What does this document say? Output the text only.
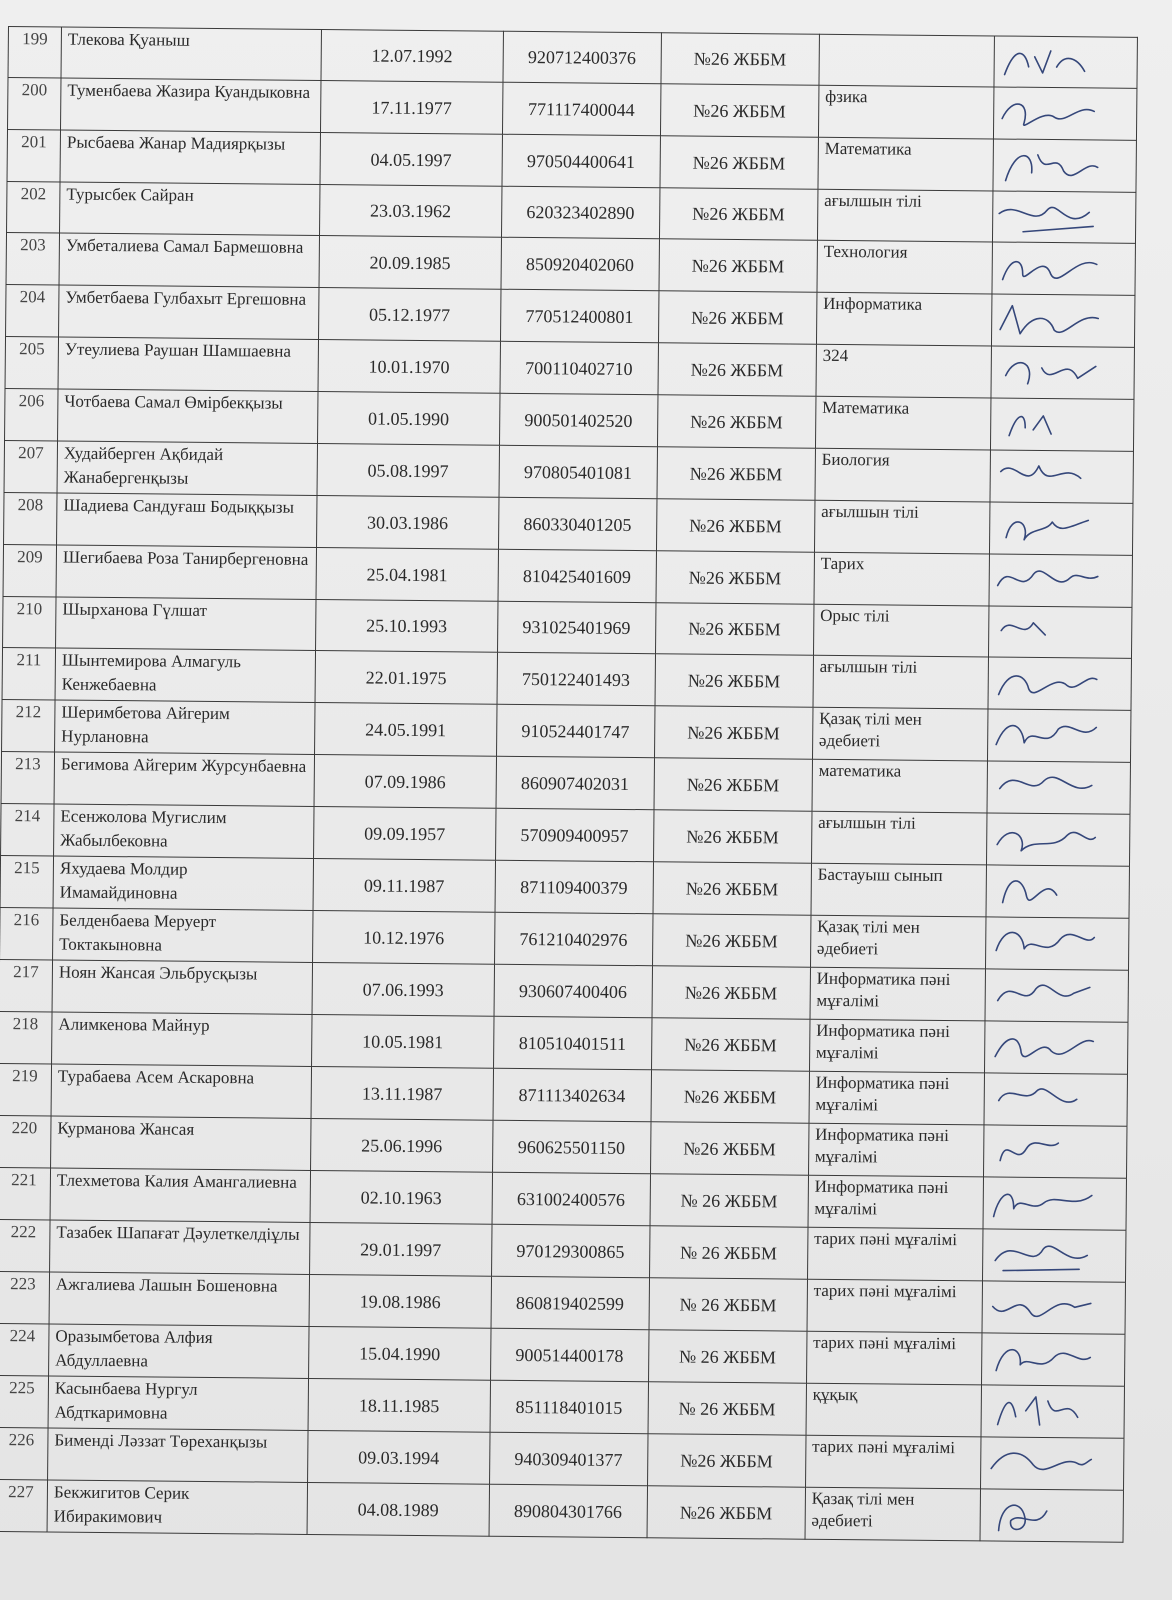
199	Тлекова Қуаныш	12.07.1992	920712400376	№26 ЖББМ		

200	Туменбаева Жазира Куандыковна	17.11.1977	771117400044	№26 ЖББМ	фзика	

201	Рысбаева Жанар Мадиярқызы	04.05.1997	970504400641	№26 ЖББМ	Математика	

202	Турысбек Сайран	23.03.1962	620323402890	№26 ЖББМ	ағылшын тілі	

203	Умбеталиева Самал Бармешовна	20.09.1985	850920402060	№26 ЖББМ	Технология	

204	Умбетбаева Гулбахыт Ергешовна	05.12.1977	770512400801	№26 ЖББМ	Информатика	

205	Утеулиева Раушан Шамшаевна	10.01.1970	700110402710	№26 ЖББМ	324	

206	Чотбаева Самал Өмірбекқызы	01.05.1990	900501402520	№26 ЖББМ	Математика	

207	Худайберген Ақбидай Жанабергенқызы	05.08.1997	970805401081	№26 ЖББМ	Биология	

208	Шадиева Сандуғаш Бодыққызы	30.03.1986	860330401205	№26 ЖББМ	ағылшын тілі	

209	Шегибаева Роза Танирбергеновна	25.04.1981	810425401609	№26 ЖББМ	Тарих	

210	Шырханова Гүлшат	25.10.1993	931025401969	№26 ЖББМ	Орыс тілі	

211	Шынтемирова Алмагуль Кенжебаевна	22.01.1975	750122401493	№26 ЖББМ	ағылшын тілі	

212	Шеримбетова Айгерим Нурлановна	24.05.1991	910524401747	№26 ЖББМ	Қазақ тілі мен әдебиеті	

213	Бегимова Айгерим Журсунбаевна	07.09.1986	860907402031	№26 ЖББМ	математика	

214	Есенжолова Мугислим Жабылбековна	09.09.1957	570909400957	№26 ЖББМ	ағылшын тілі	

215	Яхудаева Молдир Имамайдиновна	09.11.1987	871109400379	№26 ЖББМ	Бастауыш сынып	

216	Белденбаева Меруерт Токтакыновна	10.12.1976	761210402976	№26 ЖББМ	Қазақ тілі мен әдебиеті	

217	Ноян Жансая Эльбрусқызы	07.06.1993	930607400406	№26 ЖББМ	Информатика пәні мұғалімі	

218	Алимкенова Майнур	10.05.1981	810510401511	№26 ЖББМ	Информатика пәні мұғалімі	

219	Турабаева Асем Аскаровна	13.11.1987	871113402634	№26 ЖББМ	Информатика пәні мұғалімі	

220	Курманова Жансая	25.06.1996	960625501150	№26 ЖББМ	Информатика пәні мұғалімі	

221	Тлехметова Калия Амангалиевна	02.10.1963	631002400576	№ 26 ЖББМ	Информатика пәні мұғалімі	

222	Тазабек Шапағат Дәулеткелдіұлы	29.01.1997	970129300865	№ 26 ЖББМ	тарих пәні мұғалімі	

223	Ажгалиева Лашын Бошеновна	19.08.1986	860819402599	№ 26 ЖББМ	тарих пәні мұғалімі	

224	Оразымбетова Алфия Абдуллаевна	15.04.1990	900514400178	№ 26 ЖББМ	тарих пәні мұғалімі	

225	Касынбаева Нургул Абдткаримовна	18.11.1985	851118401015	№ 26 ЖББМ	құқық	

226	Бимендi Ләззат Төреханқызы	09.03.1994	940309401377	№26 ЖББМ	тарих пәні мұғалімі	

227	Бекжигитов Серик Ибиракимович	04.08.1989	890804301766	№26 ЖББМ	Қазақ тілі мен әдебиеті	
